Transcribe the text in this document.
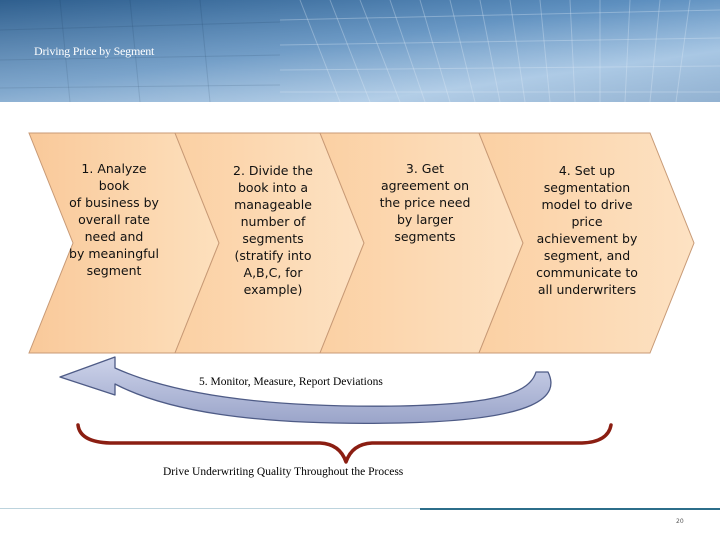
Driving Price by Segment
1. Analyze
book
of business by
overall rate
need and
by meaningful
segment
2. Divide the
book into a
manageable
number of
segments
(stratify into
A,B,C, for
example)
3. Get
agreement on
the price need
by larger
segments
4. Set up
segmentation
model to drive
price
achievement by
segment, and
communicate to
all underwriters
5. Monitor, Measure, Report Deviations
Drive Underwriting Quality Throughout the Process
20
